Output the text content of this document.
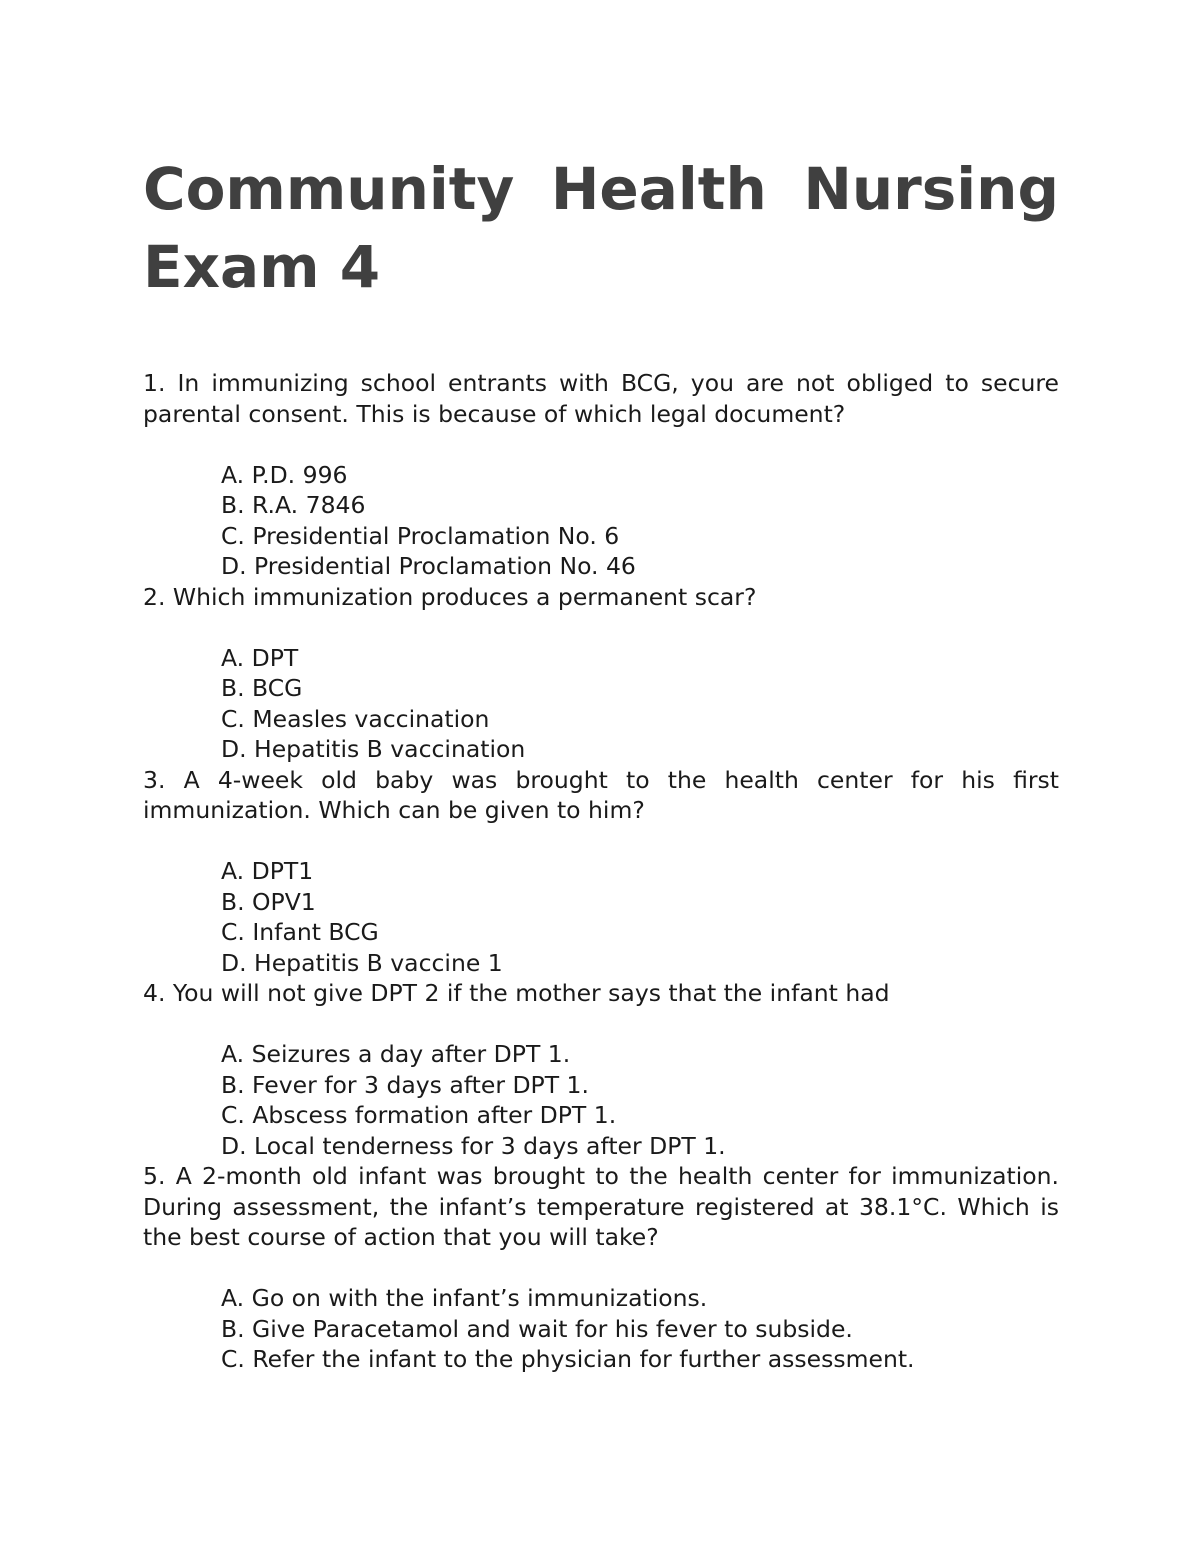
Community Health Nursing
Exam 4

1. In immunizing school entrants with BCG, you are not obliged to secure parental consent. This is because of which legal document?

A. P.D. 996
B. R.A. 7846
C. Presidential Proclamation No. 6
D. Presidential Proclamation No. 46

2. Which immunization produces a permanent scar?

A. DPT
B. BCG
C. Measles vaccination
D. Hepatitis B vaccination

3. A 4-week old baby was brought to the health center for his first immunization. Which can be given to him?

A. DPT1
B. OPV1
C. Infant BCG
D. Hepatitis B vaccine 1

4. You will not give DPT 2 if the mother says that the infant had

A. Seizures a day after DPT 1.
B. Fever for 3 days after DPT 1.
C. Abscess formation after DPT 1.
D. Local tenderness for 3 days after DPT 1.

5. A 2-month old infant was brought to the health center for immunization. During assessment, the infant’s temperature registered at 38.1°C. Which is the best course of action that you will take?

A. Go on with the infant’s immunizations.
B. Give Paracetamol and wait for his fever to subside.
C. Refer the infant to the physician for further assessment.
